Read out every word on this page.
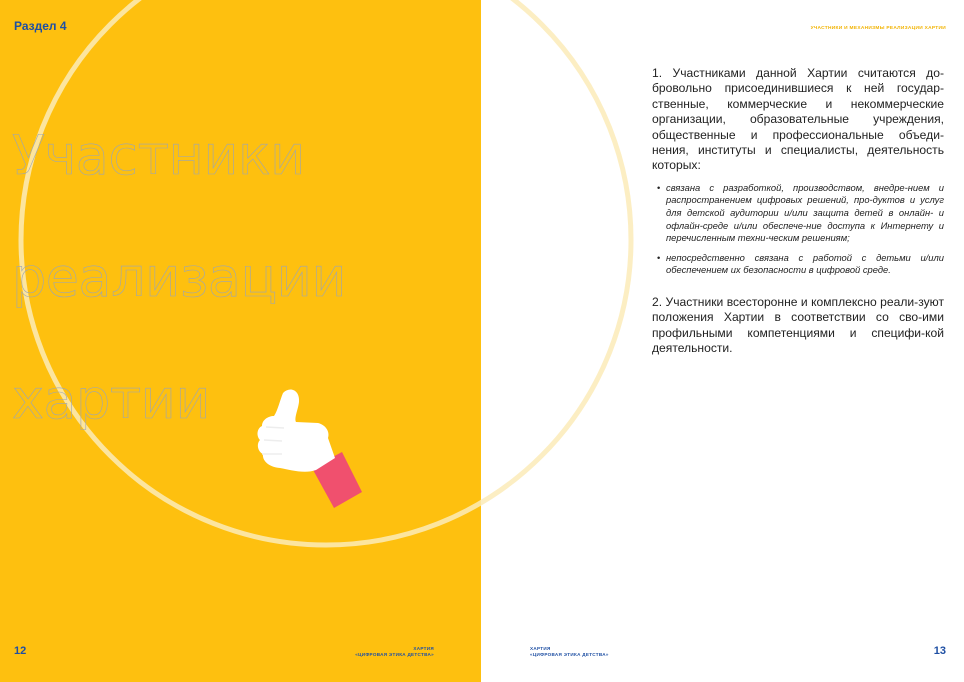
Раздел 4

Участники

реализации

хартии

12	ХАРТИЯ
«ЦИФРОВАЯ ЭТИКА ДЕТСТВА»
УЧАСТНИКИ И МЕХАНИЗМЫ РЕАЛИЗАЦИИ ХАРТИИ

1. Участниками данной Хартии считаются до-бровольно присоединившиеся к ней государ-ственные, коммерческие и некоммерческие организации, образовательные учреждения, общественные и профессиональные объеди-нения, институты и специалисты, деятельность которых:

• связана с разработкой, производством, внедре-нием и распространением цифровых решений, про-дуктов и услуг для детской аудитории и/или защита детей в онлайн- и офлайн-среде и/или обеспече-ние доступа к Интернету и перечисленным техни-ческим решениям;
• непосредственно связана с работой с детьми и/или обеспечением их безопасности в цифровой среде.

2. Участники всесторонне и комплексно реали-зуют положения Хартии в соответствии со сво-ими профильными компетенциями и специфи-кой деятельности.

ХАРТИЯ
«ЦИФРОВАЯ ЭТИКА ДЕТСТВА»	13
